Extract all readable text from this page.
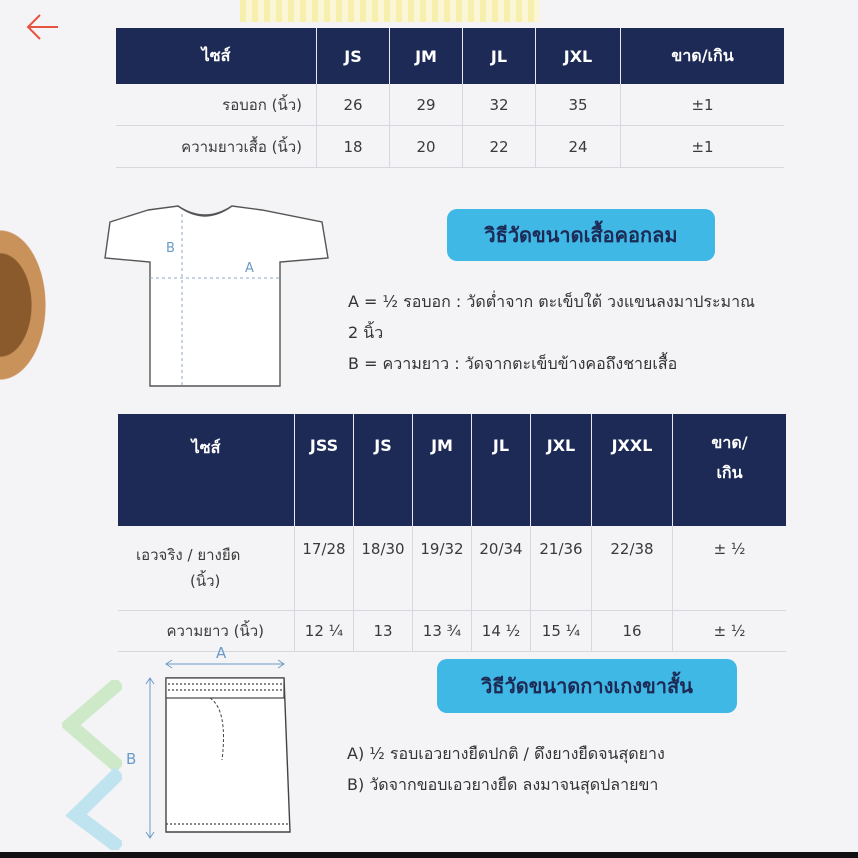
ไซส์	JS	JM	JL	JXL	ขาด/เกิน
รอบอก (นิ้ว)	26	29	32	35	±1
ความยาวเสื้อ (นิ้ว)	18	20	22	24	±1
B
A
วิธีวัดขนาดเสื้อคอกลม
A = ½ รอบอก : วัดต่ำจาก ตะเข็บใต้ วงแขนลงมาประมาณ
2 นิ้ว
B = ความยาว : วัดจากตะเข็บข้างคอถึงชายเสื้อ
ไซส์	JSS	JS	JM	JL	JXL	JXXL	ขาด/
เกิน

เอวจริง / ยางยืด
(นิ้ว)	17/28	18/30	19/32	20/34	21/36	22/38	± ½
ความยาว (นิ้ว)	12 ¼	13	13 ¾	14 ½	15 ¼	16	± ½
A
B
วิธีวัดขนาดกางเกงขาสั้น
A) ½ รอบเอวยางยืดปกติ / ดึงยางยืดจนสุดยาง
B) วัดจากขอบเอวยางยืด ลงมาจนสุดปลายขา
